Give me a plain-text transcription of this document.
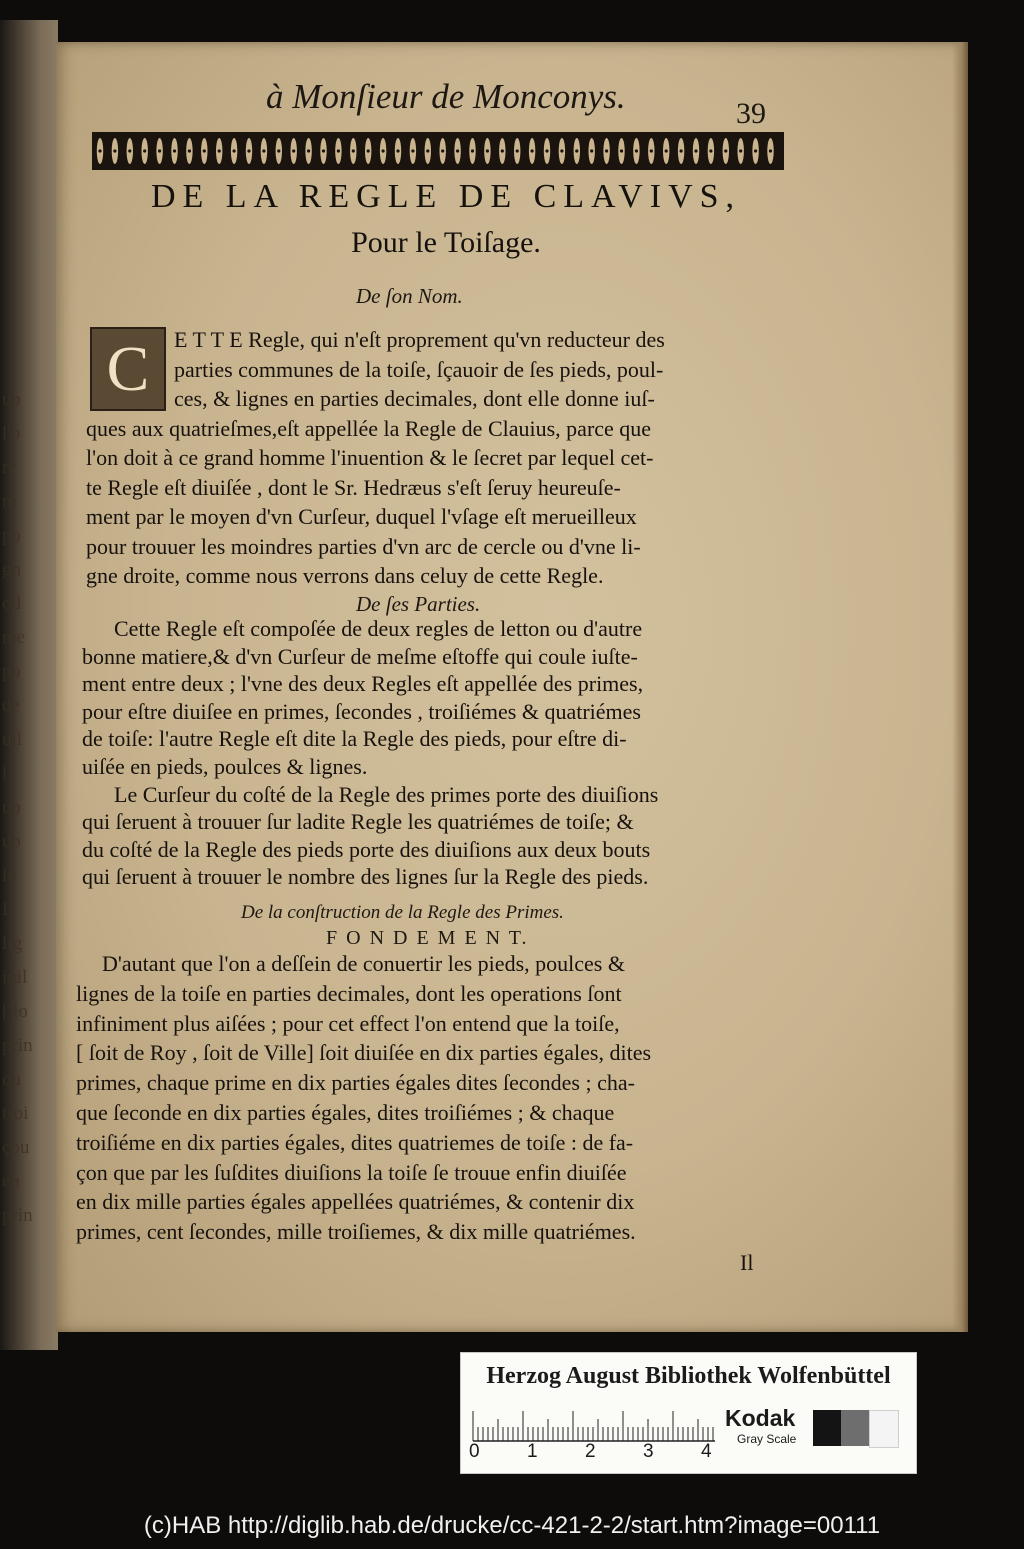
up
l'o
re
m
po
gn
od
me
po
de
uil
l
up
ub
lu
I
lig
inil
[ lo
prin
qu
troi
çou
en
prin
à Monſieur de Monconys.	39
DE LA REGLE DE CLAVIVS,
Pour le Toiſage.
De ſon Nom.
C	E T T E Regle, qui n'eſt proprement qu'vn reducteur des
parties communes de la toiſe, ſçauoir de ſes pieds, poul-
ces, & lignes en parties decimales, dont elle donne iuſ-
ques aux quatrieſmes,eſt appellée la Regle de Clauius, parce que
l'on doit à ce grand homme l'inuention & le ſecret par lequel cet-
te Regle eſt diuiſée , dont le Sr. Hedræus s'eſt ſeruy heureuſe-
ment par le moyen d'vn Curſeur, duquel l'vſage eſt merueilleux
pour trouuer les moindres parties d'vn arc de cercle ou d'vne li-
gne droite, comme nous verrons dans celuy de cette Regle.
De ſes Parties.
Cette Regle eſt compoſée de deux regles de letton ou d'autre
bonne matiere,& d'vn Curſeur de meſme eſtoffe qui coule iuſte-
ment entre deux ; l'vne des deux Regles eſt appellée des primes,
pour eſtre diuiſee en primes, ſecondes , troiſiémes & quatriémes
de toiſe: l'autre Regle eſt dite la Regle des pieds, pour eſtre di-
uiſée en pieds, poulces & lignes.
Le Curſeur du coſté de la Regle des primes porte des diuiſions
qui ſeruent à trouuer ſur ladite Regle les quatriémes de toiſe; &
du coſté de la Regle des pieds porte des diuiſions aux deux bouts
qui ſeruent à trouuer le nombre des lignes ſur la Regle des pieds.
De la conſtruction de la Regle des Primes.
F O N D E M E N T.
D'autant que l'on a deſſein de conuertir les pieds, poulces &
lignes de la toiſe en parties decimales, dont les operations ſont
infiniment plus aiſées ; pour cet effect l'on entend que la toiſe,
[ ſoit de Roy , ſoit de Ville] ſoit diuiſée en dix parties égales, dites
primes, chaque prime en dix parties égales dites ſecondes ; cha-
que ſeconde en dix parties égales, dites troiſiémes ; & chaque
troiſiéme en dix parties égales, dites quatriemes de toiſe : de fa-
çon que par les ſuſdites diuiſions la toiſe ſe trouue enfin diuiſée
en dix mille parties égales appellées quatriémes, & contenir dix
primes, cent ſecondes, mille troiſiemes, & dix mille quatriémes.
Il
Herzog August Bibliothek Wolfenbüttel
0 1 2 3 4
Kodak
Gray Scale
(c)HAB http://diglib.hab.de/drucke/cc-421-2-2/start.htm?image=00111
